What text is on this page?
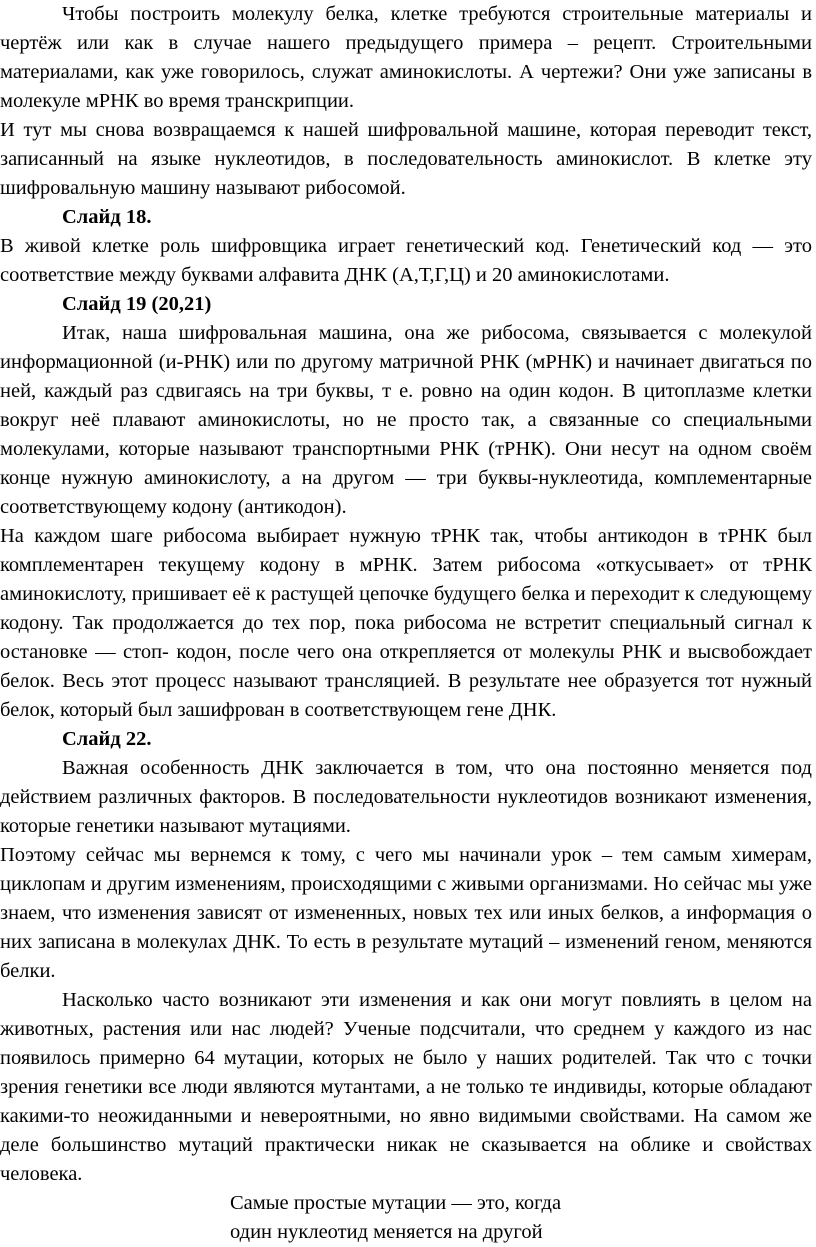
Чтобы построить молекулу белка, клетке требуются строительные материалы и чертёж или как в случае нашего предыдущего примера – рецепт. Строительными материалами, как уже говорилось, служат аминокислоты. А чертежи? Они уже записаны в молекуле мРНК во время транскрипции.

И тут мы снова возвращаемся к нашей шифровальной машине, которая переводит текст, записанный на языке нуклеотидов, в последовательность аминокислот. В клетке эту шифровальную машину называют рибосомой.

Слайд 18.

В живой клетке роль шифровщика играет генетический код. Генетический код — это соответствие между буквами алфавита ДНК (А,Т,Г,Ц) и 20 аминокислотами.

Слайд 19 (20,21)

Итак, наша шифровальная машина, она же рибосома, связывается с молекулой информационной (и-РНК) или по другому матричной РНК (мРНК) и начинает двигаться по ней, каждый раз сдвигаясь на три буквы, т е. ровно на один кодон. В цитоплазме клетки вокруг неё плавают аминокислоты, но не просто так, а связанные со специальными молекулами, которые называют транспортными РНК (тРНК). Они несут на одном своём конце нужную аминокислоту, а на другом — три буквы-нуклеотида, комплементарные соответствующему кодону (антикодон).

На каждом шаге рибосома выбирает нужную тРНК так, чтобы антикодон в тРНК был комплементарен текущему кодону в мРНК. Затем рибосома «откусывает» от тРНК аминокислоту, пришивает её к растущей цепочке будущего белка и переходит к следующему кодону. Так продолжается до тех пор, пока рибосома не встретит специальный сигнал к остановке — стоп- кодон, после чего она открепляется от молекулы РНК и высвобождает белок. Весь этот процесс называют трансляцией. В результате нее образуется тот нужный белок, который был зашифрован в соответствующем гене ДНК.

Слайд 22.

Важная особенность ДНК заключается в том, что она постоянно меняется под действием различных факторов. В последовательности нуклеотидов возникают изменения, которые генетики называют мутациями.

Поэтому сейчас мы вернемся к тому, с чего мы начинали урок – тем самым химерам, циклопам и другим изменениям, происходящими с живыми организмами. Но сейчас мы уже знаем, что изменения зависят от измененных, новых тех или иных белков, а информация о них записана в молекулах ДНК. То есть в результате мутаций – изменений геном, меняются белки.

Насколько часто возникают эти изменения и как они могут повлиять в целом на животных, растения или нас людей? Ученые подсчитали, что среднем у каждого из нас появилось примерно 64 мутации, которых не было у наших родителей. Так что с точки зрения генетики все люди являются мутантами, а не только те индивиды, которые обладают какими-то неожиданными и невероятными, но явно видимыми свойствами. На самом же деле большинство мутаций практически никак не сказывается на облике и свойствах человека.

Самые простые мутации — это, когда
один нуклеотид меняется на другой
